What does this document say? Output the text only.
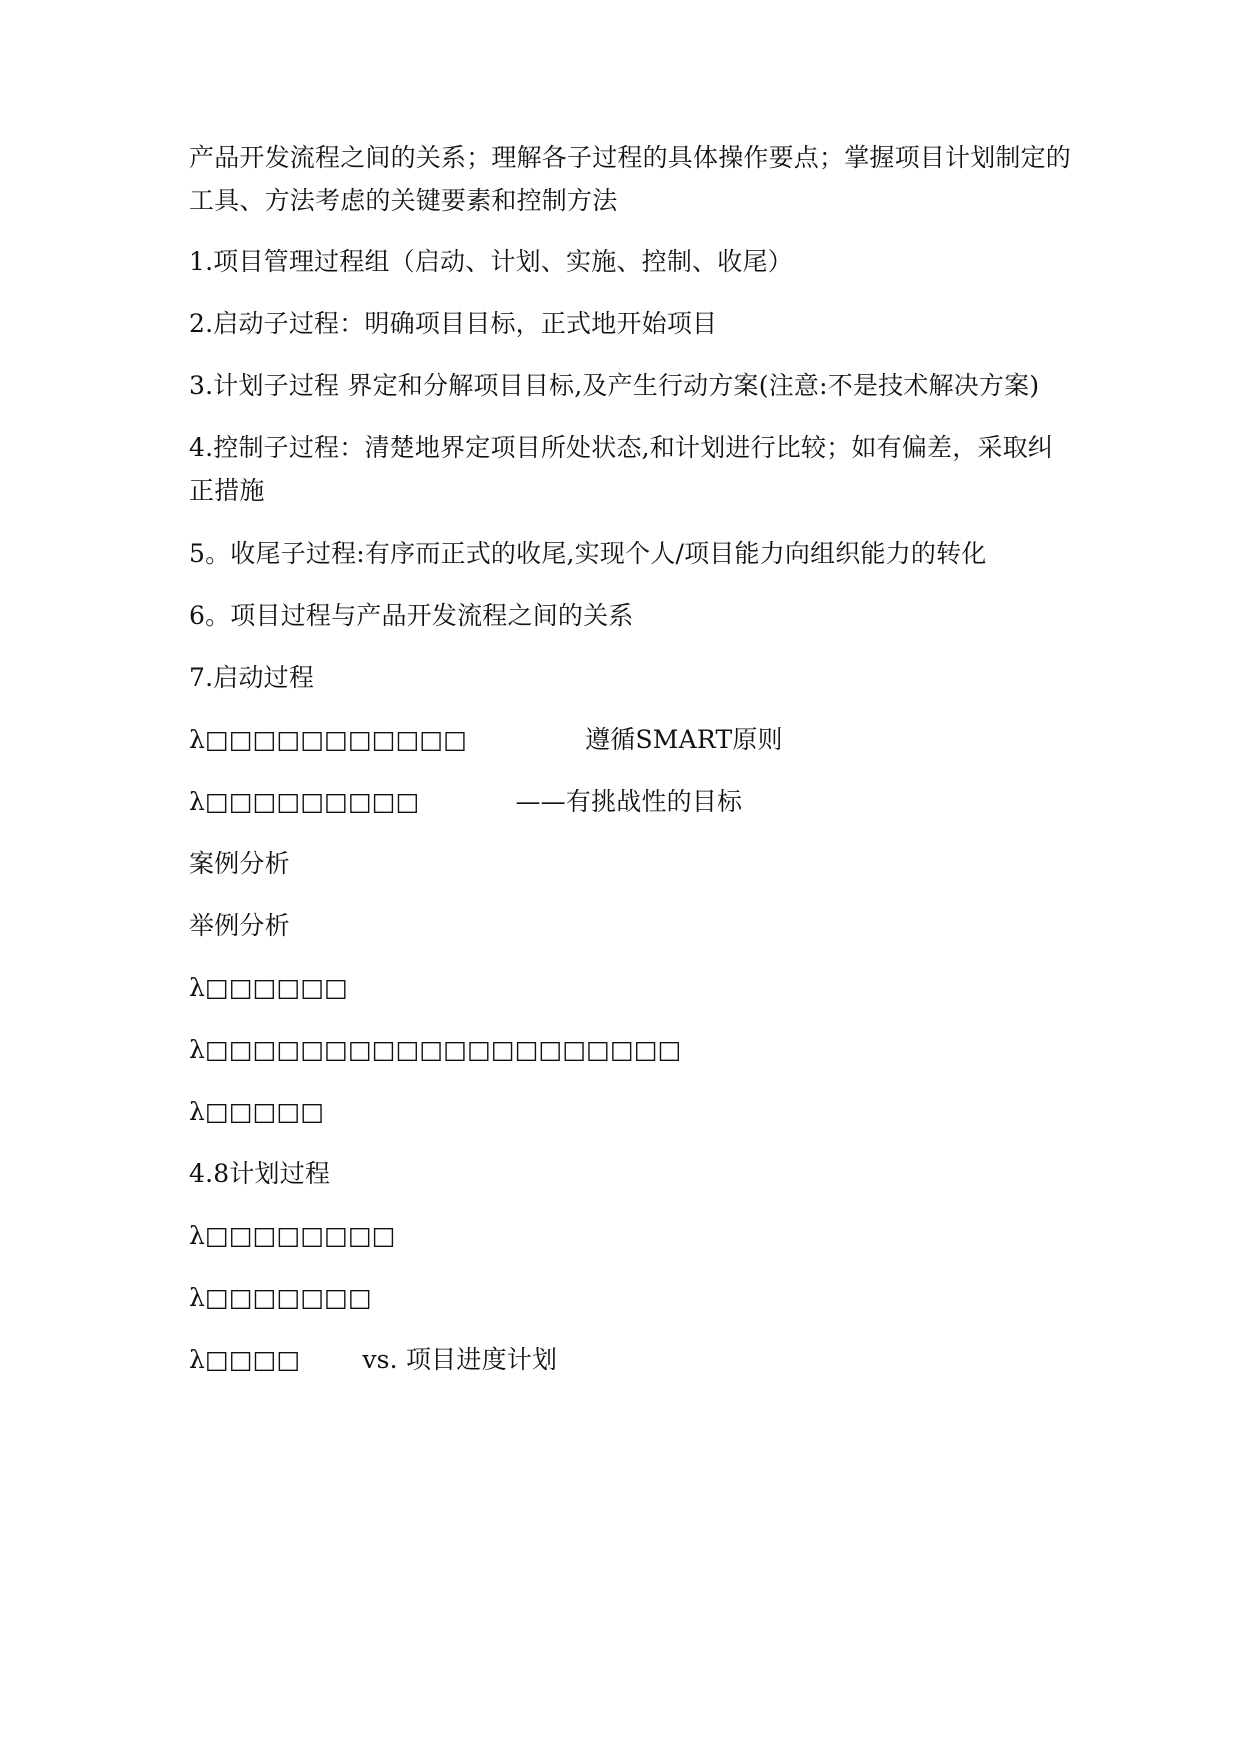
产品开发流程之间的关系；理解各子过程的具体操作要点；掌握项目计划制定的
工具、方法考虑的关键要素和控制方法
1.项目管理过程组（启动、计划、实施、控制、收尾）
2.启动子过程：明确项目目标，正式地开始项目
3.计划子过程 界定和分解项目目标,及产生行动方案(注意:不是技术解决方案)
4.控制子过程：清楚地界定项目所处状态,和计划进行比较；如有偏差，采取纠
正措施
5。收尾子过程:有序而正式的收尾,实现个人/项目能力向组织能力的转化
6。项目过程与产品开发流程之间的关系
7.启动过程
λ□□□□□□□□□□□	遵循SMART原则
λ□□□□□□□□□	——有挑战性的目标
案例分析
举例分析
λ□□□□□□
λ□□□□□□□□□□□□□□□□□□□□
λ□□□□□
4.8计划过程
λ□□□□□□□□
λ□□□□□□□
λ□□□□ vs. 项目进度计划
